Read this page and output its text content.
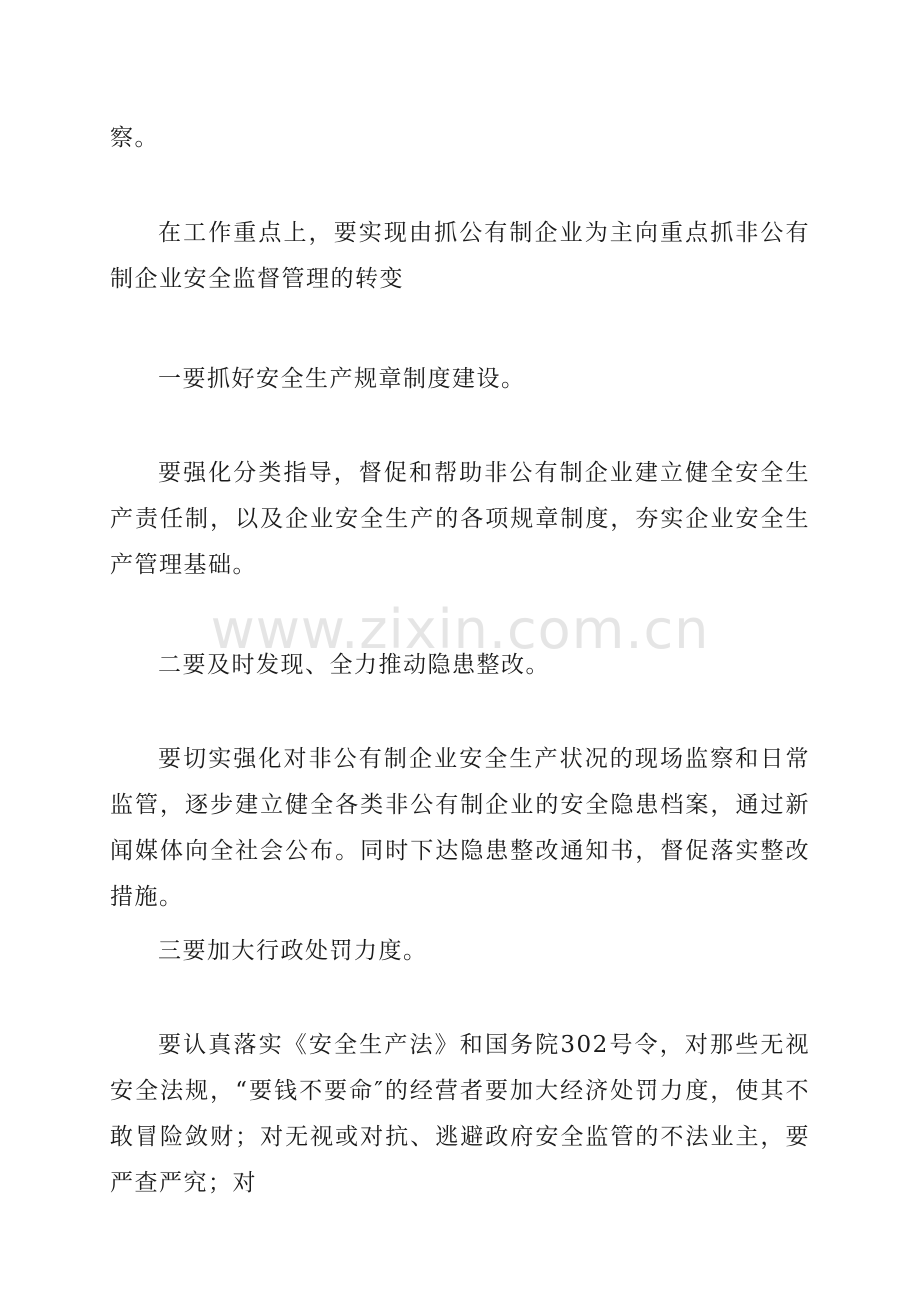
察。

在工作重点上，要实现由抓公有制企业为主向重点抓非公有制企业安全监督管理的转变

一要抓好安全生产规章制度建设。

要强化分类指导，督促和帮助非公有制企业建立健全安全生产责任制，以及企业安全生产的各项规章制度，夯实企业安全生产管理基础。

二要及时发现、全力推动隐患整改。

要切实强化对非公有制企业安全生产状况的现场监察和日常监管，逐步建立健全各类非公有制企业的安全隐患档案，通过新闻媒体向全社会公布。同时下达隐患整改通知书，督促落实整改措施。

三要加大行政处罚力度。

要认真落实《安全生产法》和国务院302号令，对那些无视安全法规，“要钱不要命″的经营者要加大经济处罚力度，使其不敢冒险敛财；对无视或对抗、逃避政府安全监管的不法业主，要严查严究；对

www.zixin.com.cn
